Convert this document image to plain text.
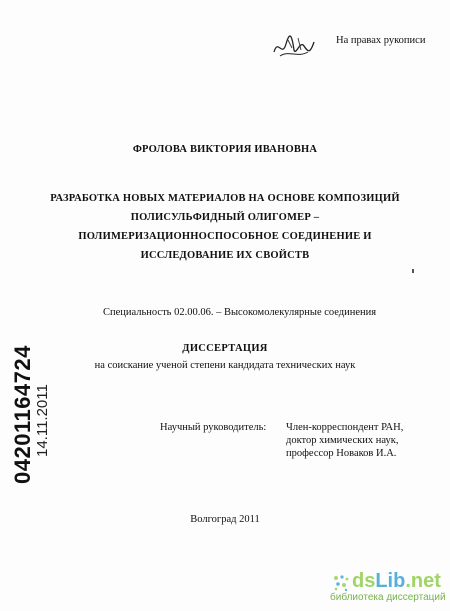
На правах рукописи
ФРОЛОВА ВИКТОРИЯ ИВАНОВНА
РАЗРАБОТКА НОВЫХ МАТЕРИАЛОВ НА ОСНОВЕ КОМПОЗИЦИЙ
ПОЛИСУЛЬФИДНЫЙ ОЛИГОМЕР –
ПОЛИМЕРИЗАЦИОННОСПОСОБНОЕ СОЕДИНЕНИЕ И
ИССЛЕДОВАНИЕ ИХ СВОЙСТВ
Специальность 02.00.06. – Высокомолекулярные соединения
ДИССЕРТАЦИЯ
на соискание ученой степени кандидата технических наук
Научный руководитель: Член-корреспондент РАН,
доктор химических наук,
профессор Новаков И.А.
Волгоград 2011
04201164724 14.11.2011
dsLib.net
библиотека диссертаций
